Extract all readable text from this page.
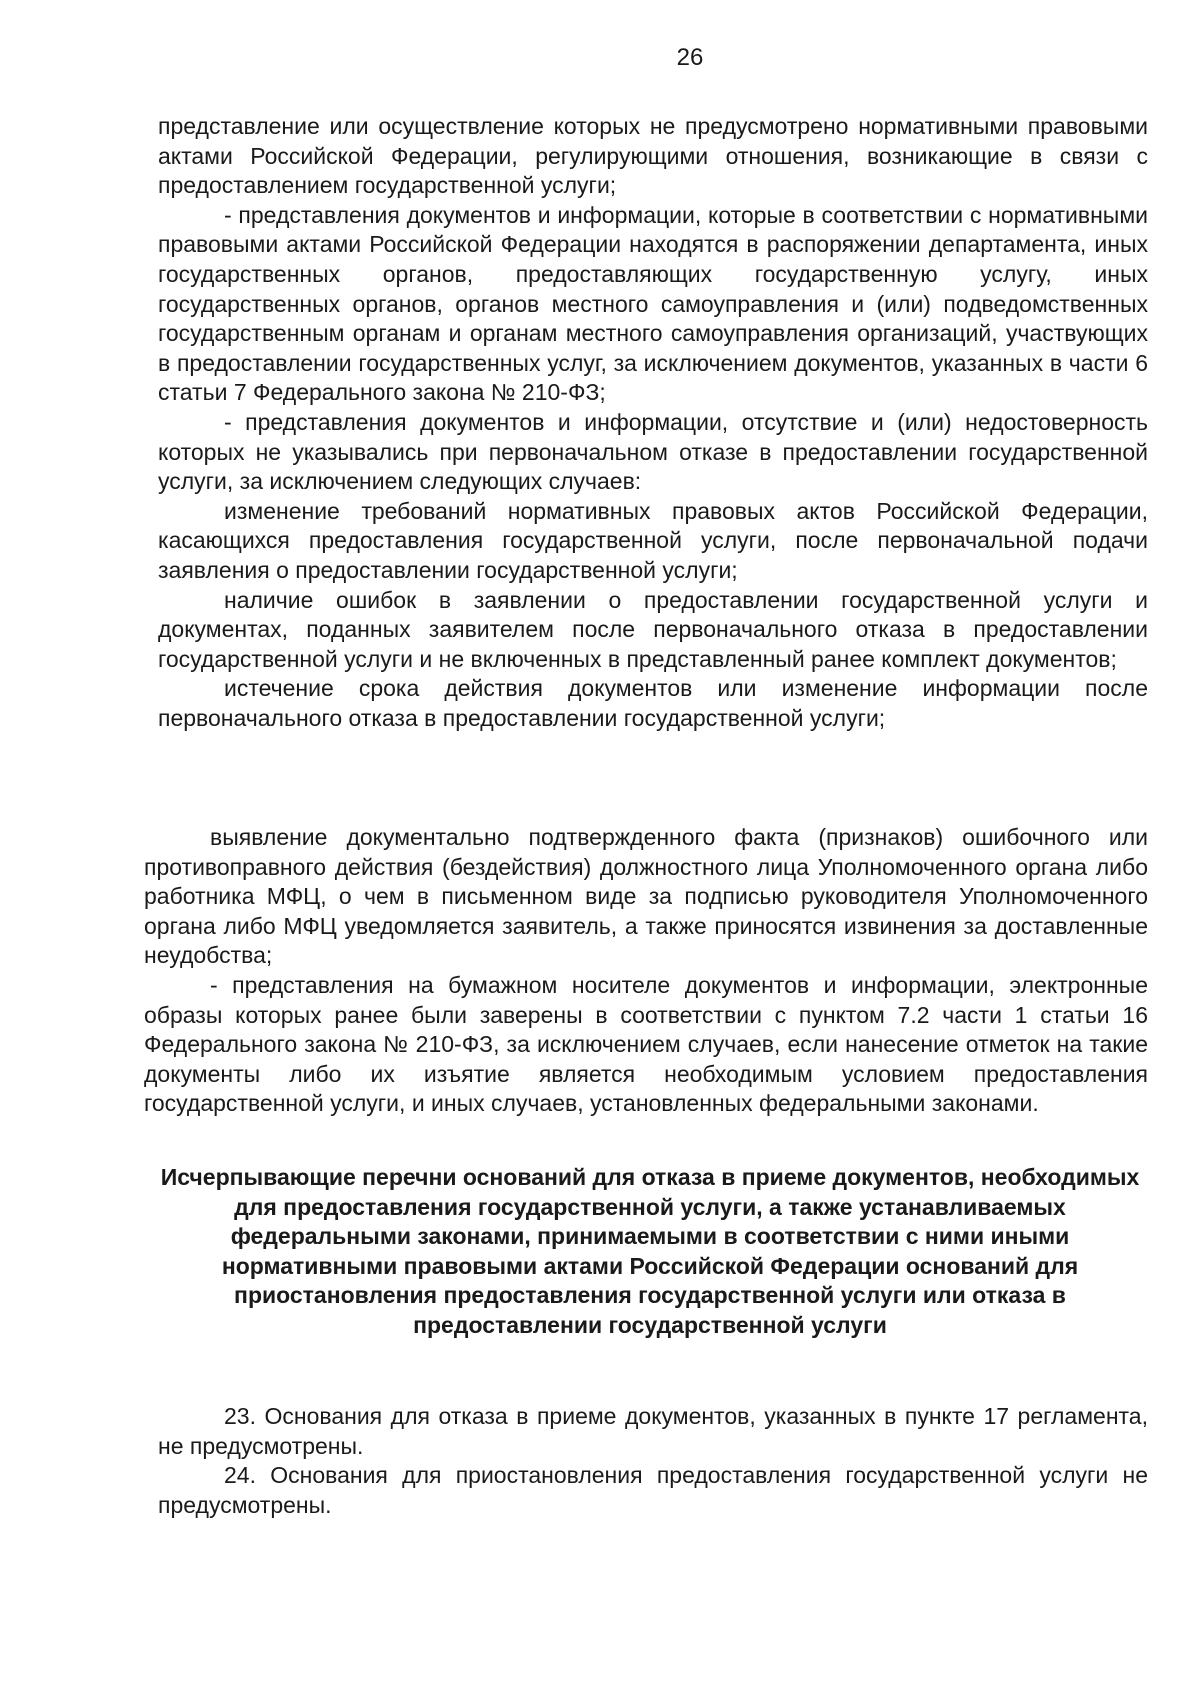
26

представление или осуществление которых не предусмотрено нормативными правовыми актами Российской Федерации, регулирующими отношения, возникающие в связи с предоставлением государственной услуги;

- представления документов и информации, которые в соответствии с нормативными правовыми актами Российской Федерации находятся в распоряжении департамента, иных государственных органов, предоставляющих государственную услугу, иных государственных органов, органов местного самоуправления и (или) подведомственных государственным органам и органам местного самоуправления организаций, участвующих в предоставлении государственных услуг, за исключением документов, указанных в части 6 статьи 7 Федерального закона № 210-ФЗ;

- представления документов и информации, отсутствие и (или) недостоверность которых не указывались при первоначальном отказе в предоставлении государственной услуги, за исключением следующих случаев:

изменение требований нормативных правовых актов Российской Федерации, касающихся предоставления государственной услуги, после первоначальной подачи заявления о предоставлении государственной услуги;

наличие ошибок в заявлении о предоставлении государственной услуги и документах, поданных заявителем после первоначального отказа в предоставлении государственной услуги и не включенных в представленный ранее комплект документов;

истечение срока действия документов или изменение информации после первоначального отказа в предоставлении государственной услуги;

выявление документально подтвержденного факта (признаков) ошибочного или противоправного действия (бездействия) должностного лица Уполномоченного органа либо работника МФЦ, о чем в письменном виде за подписью руководителя Уполномоченного органа либо МФЦ уведомляется заявитель, а также приносятся извинения за доставленные неудобства;

- представления на бумажном носителе документов и информации, электронные образы которых ранее были заверены в соответствии с пунктом 7.2 части 1 статьи 16 Федерального закона № 210-ФЗ, за исключением случаев, если нанесение отметок на такие документы либо их изъятие является необходимым условием предоставления государственной услуги, и иных случаев, установленных федеральными законами.

Исчерпывающие перечни оснований для отказа в приеме документов, необходимых для предоставления государственной услуги, а также устанавливаемых федеральными законами, принимаемыми в соответствии с ними иными нормативными правовыми актами Российской Федерации оснований для приостановления предоставления государственной услуги или отказа в предоставлении государственной услуги

23. Основания для отказа в приеме документов, указанных в пункте 17 регламента, не предусмотрены.

24. Основания для приостановления предоставления государственной услуги не предусмотрены.
